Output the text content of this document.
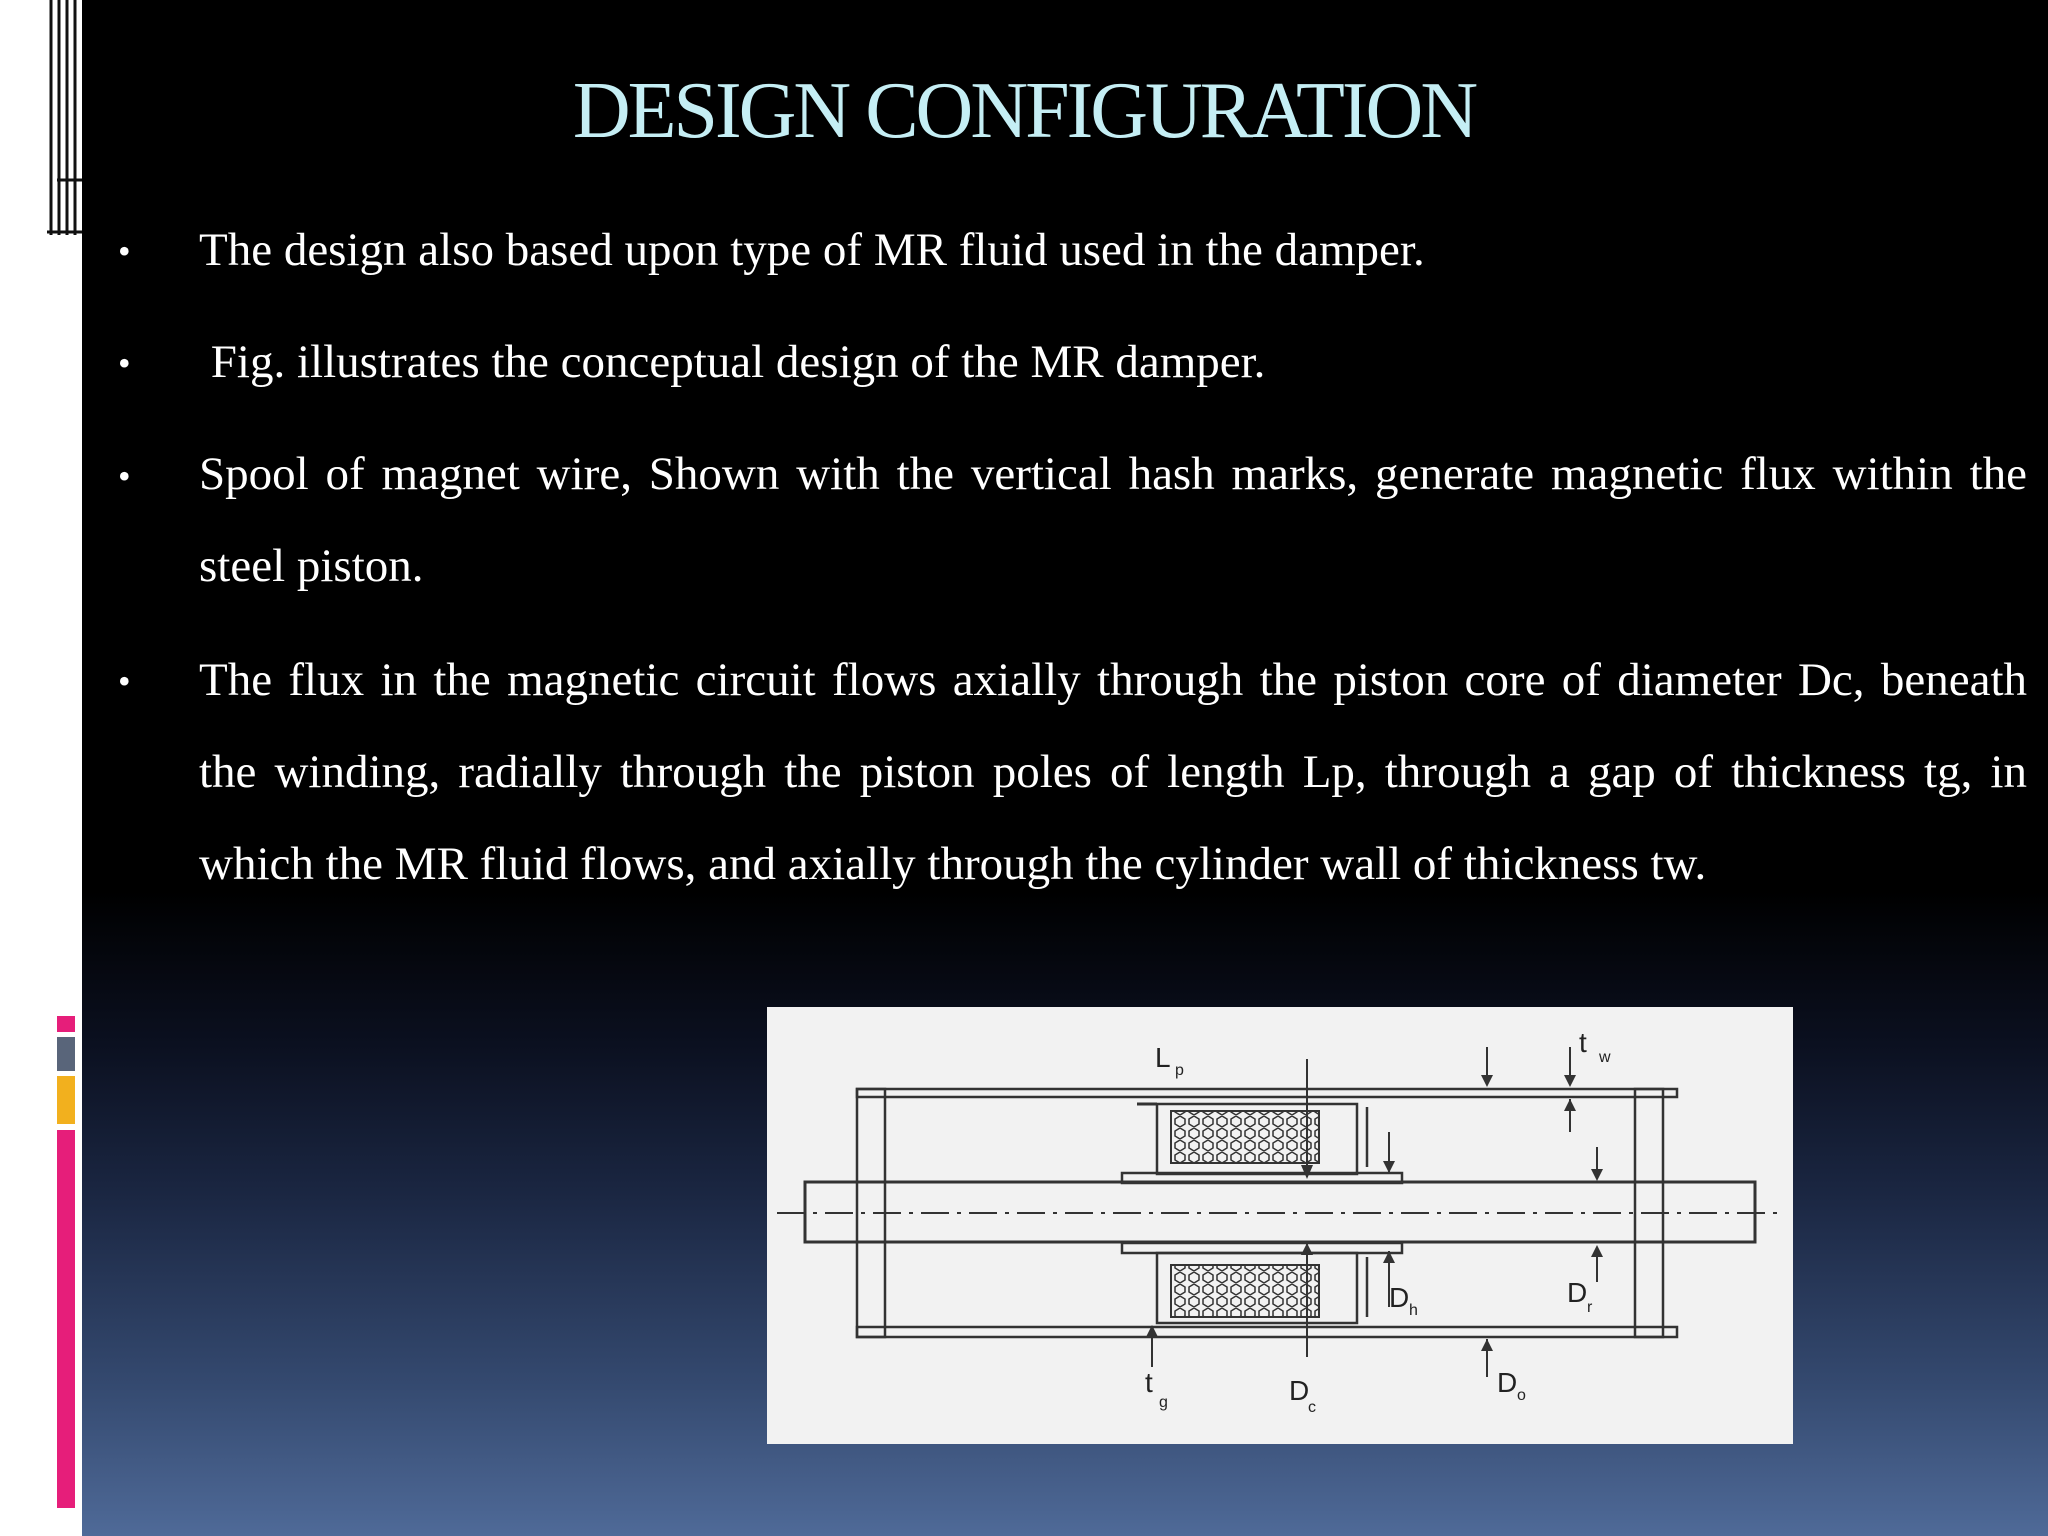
DESIGN CONFIGURATION
• The design also based upon type of MR fluid used in the damper.
• Fig. illustrates the conceptual design of the MR damper.
• Spool of magnet wire, Shown with the vertical hash marks, generate magnetic flux within the steel piston.
• The flux in the magnetic circuit flows axially through the piston core of diameter Dc, beneath the winding, radially through the piston poles of length Lp, through a gap of thickness tg, in which the MR fluid flows, and axially through the cylinder wall of thickness tw.
L p
t w
D h
D r
t
g	D
c
D o
